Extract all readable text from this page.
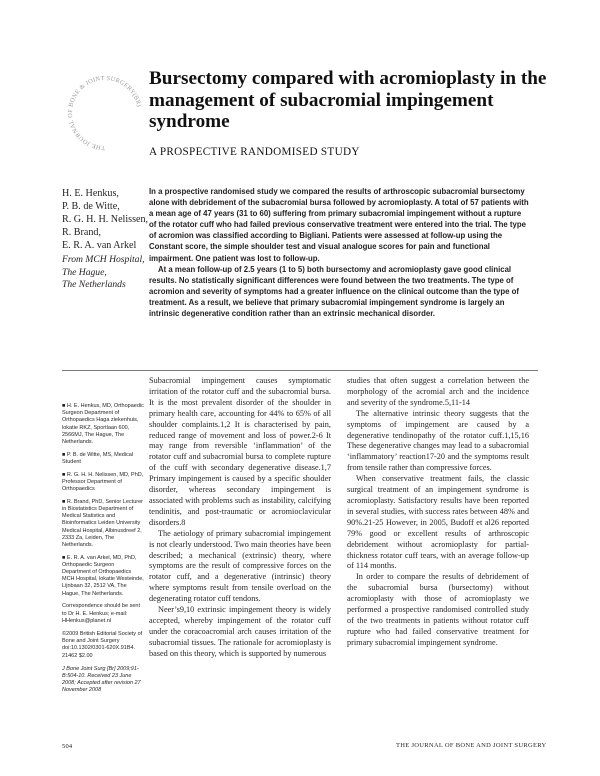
THE JOURNAL OF BONE & JOINT SURGERY(BR)
Bursectomy compared with acromioplasty in the management of subacromial impingement syndrome
A PROSPECTIVE RANDOMISED STUDY
H. E. Henkus,
P. B. de Witte,
R. G. H. H. Nelissen,
R. Brand,
E. R. A. van Arkel
From MCH Hospital,
The Hague,
The Netherlands

In a prospective randomised study we compared the results of arthroscopic subacromial bursectomy alone with debridement of the subacromial bursa followed by acromioplasty. A total of 57 patients with a mean age of 47 years (31 to 60) suffering from primary subacromial impingement without a rupture of the rotator cuff who had failed previous conservative treatment were entered into the trial. The type of acromion was classified according to Bigliani. Patients were assessed at follow-up using the Constant score, the simple shoulder test and visual analogue scores for pain and functional impairment. One patient was lost to follow-up.

At a mean follow-up of 2.5 years (1 to 5) both bursectomy and acromioplasty gave good clinical results. No statistically significant differences were found between the two treatments. The type of acromion and severity of symptoms had a greater influence on the clinical outcome than the type of treatment. As a result, we believe that primary subacromial impingement syndrome is largely an intrinsic degenerative condition rather than an extrinsic mechanical disorder.

■ H. E. Henkus, MD, Orthopaedic Surgeon Department of Orthopaedics Haga ziekenhuis, lokatie RKZ, Sportlaan 600, 2566MJ, The Hague, The Netherlands.
■ P. B. de Witte, MS, Medical Student
■ R. G. H. H. Nelissen, MD, PhD, Professor Department of Orthopaedics
■ R. Brand, PhD, Senior Lecturer in Biostatistics Department of Medical Statistics and Bioinformatics Leiden University Medical Hospital, Albinusdreef 2, 2333 Za, Leiden, The Netherlands.
■ E. R. A. van Arkel, MD, PhD, Orthopaedic Surgeon Department of Orthopaedics MCH Hospital, lokatie Westeinde, Lijnbaan 32, 2512 VA, The Hague, The Netherlands.
Correspondence should be sent to Dr H. E. Henkus; e-mail: HHenkus@planet.nl
©2009 British Editorial Society of Bone and Joint Surgery doi:10.1302/0301-620X.91B4. 21462 $2.00
J Bone Joint Surg [Br] 2009;91-B:504-10. Received 23 June 2008; Accepted after revision 27 November 2008

Subacromial impingement causes symptomatic irritation of the rotator cuff and the subacromial bursa. It is the most prevalent disorder of the shoulder in primary health care, accounting for 44% to 65% of all shoulder complaints.1,2 It is characterised by pain, reduced range of movement and loss of power.2-6 It may range from reversible ‘inflammation’ of the rotator cuff and subacromial bursa to complete rupture of the cuff with secondary degenerative disease.1,7 Primary impingement is caused by a specific shoulder disorder, whereas secondary impingement is associated with problems such as instability, calcifying tendinitis, and post-traumatic or acromioclavicular disorders.8

The aetiology of primary subacromial impingement is not clearly understood. Two main theories have been described; a mechanical (extrinsic) theory, where symptoms are the result of compressive forces on the rotator cuff, and a degenerative (intrinsic) theory where symptoms result from tensile overload on the degenerating rotator cuff tendons.

Neer’s9,10 extrinsic impingement theory is widely accepted, whereby impingement of the rotator cuff under the coracoacromial arch causes irritation of the subacromial tissues. The rationale for acromioplasty is based on this theory, which is supported by numerous

studies that often suggest a correlation between the morphology of the acromial arch and the incidence and severity of the syndrome.5,11-14

The alternative intrinsic theory suggests that the symptoms of impingement are caused by a degenerative tendinopathy of the rotator cuff.1,15,16 These degenerative changes may lead to a subacromial ‘inflammatory’ reaction17-20 and the symptoms result from tensile rather than compressive forces.

When conservative treatment fails, the classic surgical treatment of an impingement syndrome is acromioplasty. Satisfactory results have been reported in several studies, with success rates between 48% and 90%.21-25 However, in 2005, Budoff et al26 reported 79% good or excellent results of arthroscopic debridement without acromioplasty for partial-thickness rotator cuff tears, with an average follow-up of 114 months.

In order to compare the results of debridement of the subacromial bursa (bursectomy) without acromioplasty with those of acromioplasty we performed a prospective randomised controlled study of the two treatments in patients without rotator cuff rupture who had failed conservative treatment for primary subacromial impingement syndrome.

504	THE JOURNAL OF BONE AND JOINT SURGERY
